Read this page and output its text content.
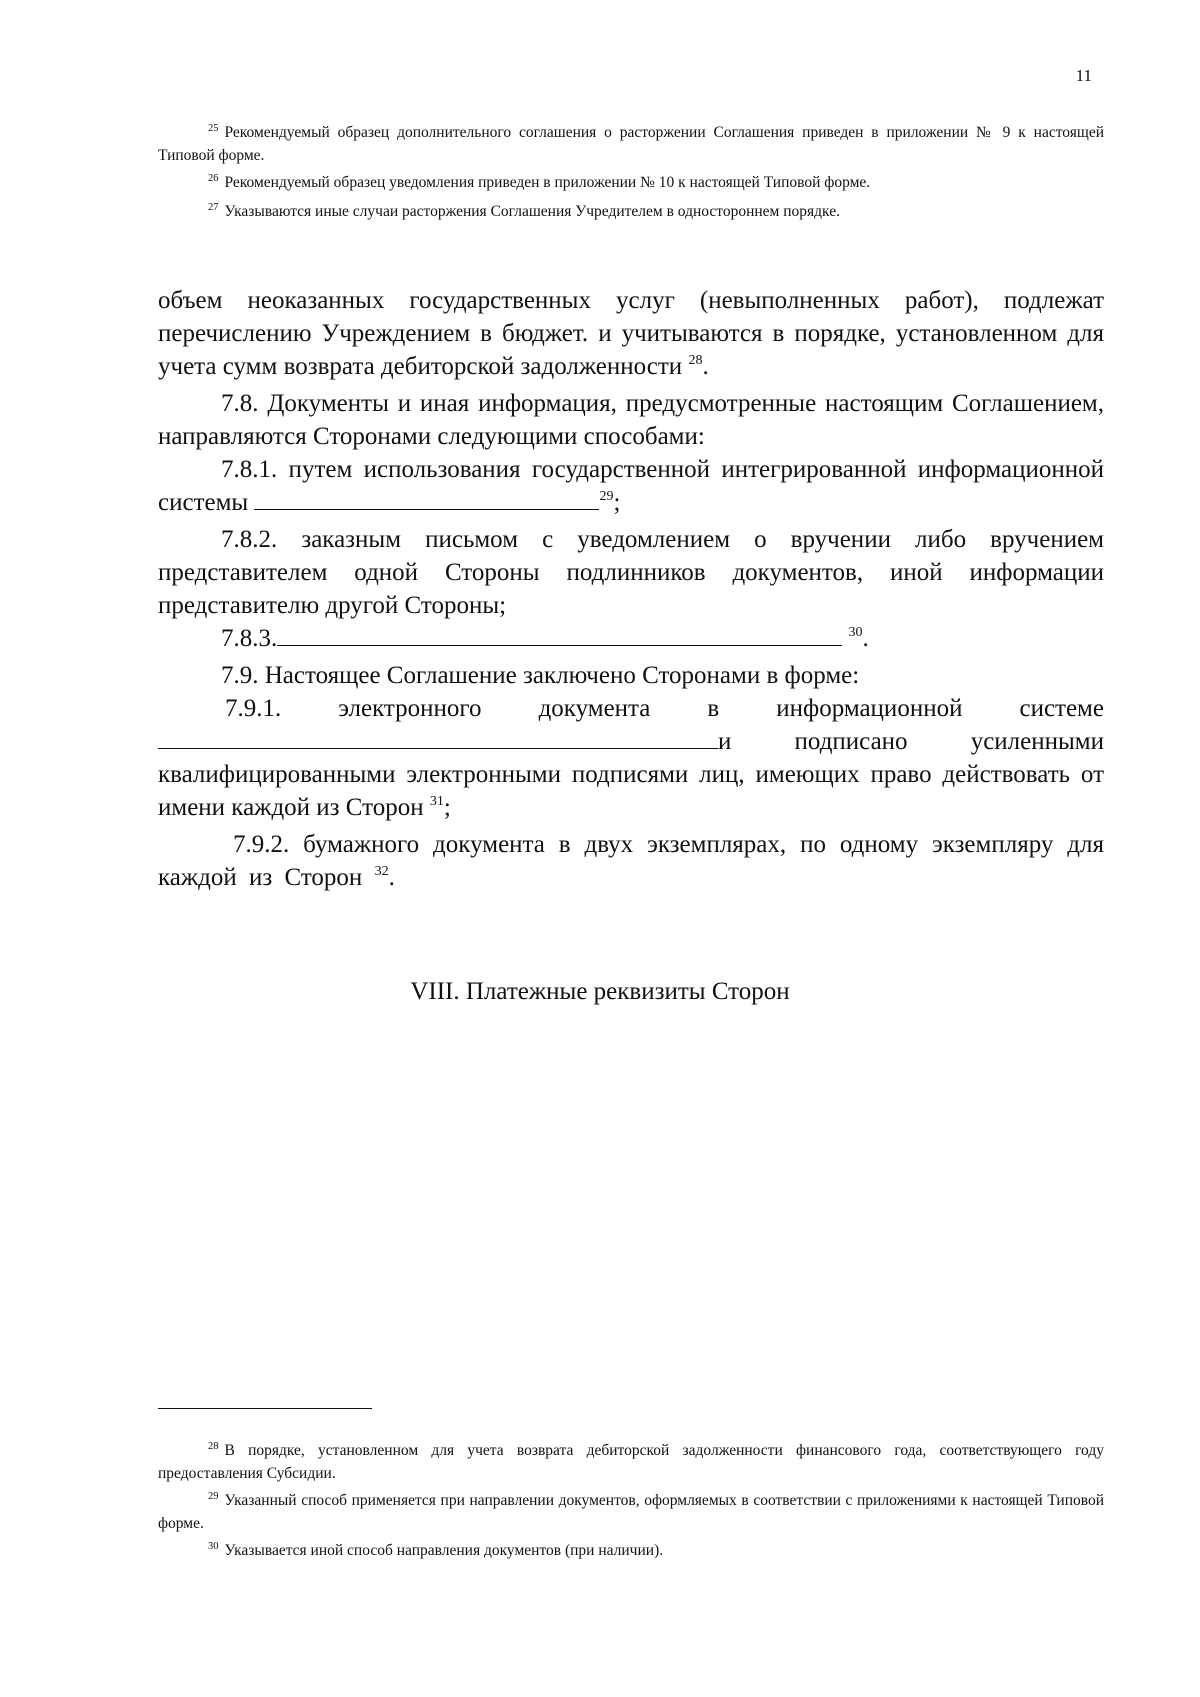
11

$^{25}$ Рекомендуемый образец дополнительного соглашения о расторжении Соглашения приведен в приложении № 9 к настоящей Типовой форме.

$^{26}$ Рекомендуемый образец уведомления приведен в приложении № 10 к настоящей Типовой форме.

$^{27}$ Указываются иные случаи расторжения Соглашения Учредителем в одностороннем порядке.

объем неоказанных государственных услуг (невыполненных работ), подлежат перечислению Учреждением в бюджет. и учитываются в порядке, установленном для учета сумм возврата дебиторской задолженности $^{28}$.

7.8. Документы и иная информация, предусмотренные настоящим Соглашением, направляются Сторонами следующими способами:

7.8.1. путем использования государственной интегрированной информационной системы	$^{29}$;

7.8.2. заказным письмом с уведомлением о вручении либо вручением представителем одной Стороны подлинников документов, иной информации представителю другой Стороны;

7.8.3.	$^{30}$.

7.9. Настоящее Соглашение заключено Сторонами в форме:

7.9.1. электронного документа в информационной системе
и	подписано	усиленными

квалифицированными электронными подписями лиц, имеющих право действовать от имени каждой из Сторон $^{31}$;

7.9.2. бумажного документа в двух экземплярах, по одному экземпляру для каждой из Сторон $^{32}$.

VIII. Платежные реквизиты Сторон

$^{28}$ В порядке, установленном для учета возврата дебиторской задолженности финансового года, соответствующего году предоставления Субсидии.

$^{29}$ Указанный способ применяется при направлении документов, оформляемых в соответствии с приложениями к настоящей Типовой форме.

$^{30}$ Указывается иной способ направления документов (при наличии).
